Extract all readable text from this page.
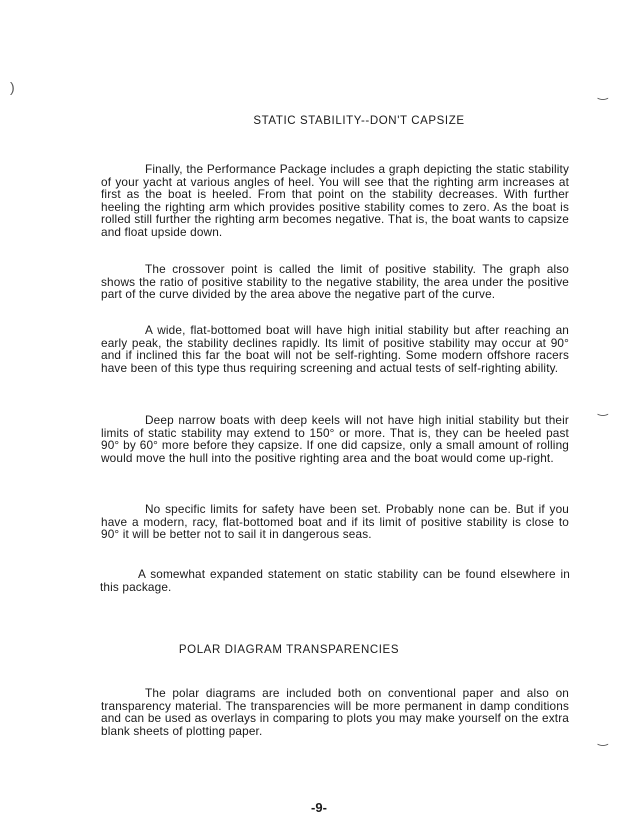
)	‿
‿
‿
STATIC STABILITY--DON'T CAPSIZE

Finally, the Performance Package includes a graph depicting the static stability of your yacht at various angles of heel. You will see that the righting arm increases at first as the boat is heeled. From that point on the stability decreases. With further heeling the righting arm which provides positive stability comes to zero. As the boat is rolled still further the righting arm becomes negative. That is, the boat wants to capsize and float upside down.

The crossover point is called the limit of positive stability. The graph also shows the ratio of positive stability to the negative stability, the area under the positive part of the curve divided by the area above the negative part of the curve.

A wide, flat-bottomed boat will have high initial stability but after reaching an early peak, the stability declines rapidly. Its limit of positive stability may occur at 90° and if inclined this far the boat will not be self-righting. Some modern offshore racers have been of this type thus requiring screening and actual tests of self-righting ability.

Deep narrow boats with deep keels will not have high initial stability but their limits of static stability may extend to 150° or more. That is, they can be heeled past 90° by 60° more before they capsize. If one did capsize, only a small amount of rolling would move the hull into the positive righting area and the boat would come up-right.

No specific limits for safety have been set. Probably none can be. But if you have a modern, racy, flat-bottomed boat and if its limit of positive stability is close to 90° it will be better not to sail it in dangerous seas.

A somewhat expanded statement on static stability can be found elsewhere in this package.

POLAR DIAGRAM TRANSPARENCIES

The polar diagrams are included both on conventional paper and also on transparency material. The transparencies will be more permanent in damp conditions and can be used as overlays in comparing to plots you may make yourself on the extra blank sheets of plotting paper.

-9-
